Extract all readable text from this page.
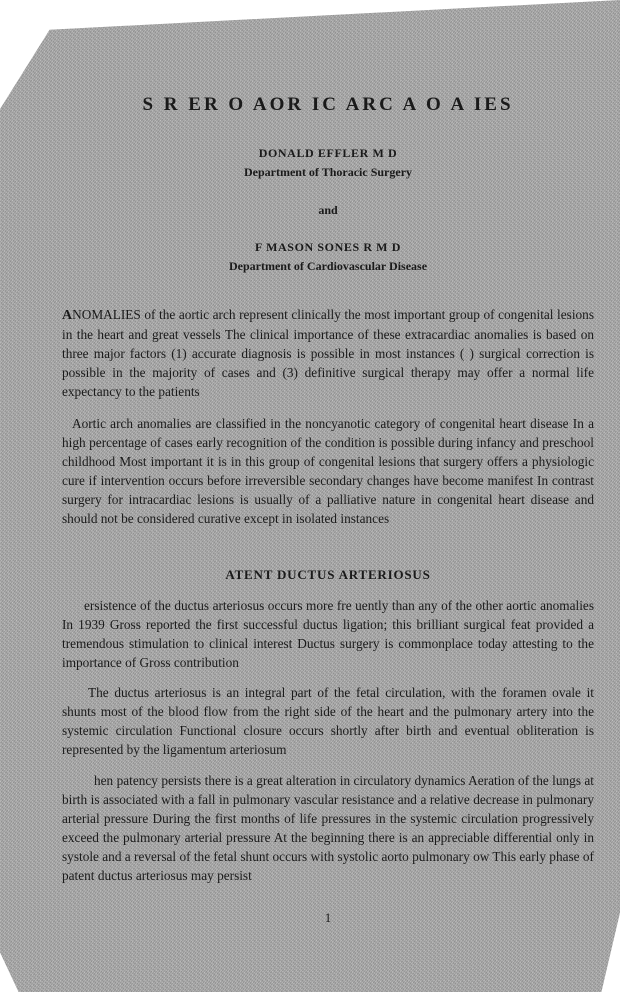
S R ER O AOR IC ARC A O A IES
DONALD EFFLER M D
Department of Thoracic Surgery
and
F MASON SONES R M D
Department of Cardiovascular Disease

ANOMALIES of the aortic arch represent clinically the most important group of congenital lesions in the heart and great vessels The clinical importance of these extracardiac anomalies is based on three major factors (1) accurate diagnosis is possible in most instances ( ) surgical correction is possible in the majority of cases and (3) definitive surgical therapy may offer a normal life expectancy to the patients

Aortic arch anomalies are classified in the noncyanotic category of congenital heart disease In a high percentage of cases early recognition of the condition is possible during infancy and preschool childhood Most important it is in this group of congenital lesions that surgery offers a physiologic cure if intervention occurs before irreversible secondary changes have become manifest In contrast surgery for intracardiac lesions is usually of a palliative nature in congenital heart disease and should not be considered curative except in isolated instances

ATENT DUCTUS ARTERIOSUS

ersistence of the ductus arteriosus occurs more fre uently than any of the other aortic anomalies In 1939 Gross reported the first successful ductus ligation; this brilliant surgical feat provided a tremendous stimulation to clinical interest Ductus surgery is commonplace today attesting to the importance of Gross contribution

The ductus arteriosus is an integral part of the fetal circulation, with the foramen ovale it shunts most of the blood flow from the right side of the heart and the pulmonary artery into the systemic circulation Functional closure occurs shortly after birth and eventual obliteration is represented by the ligamentum arteriosum

hen patency persists there is a great alteration in circulatory dynamics Aeration of the lungs at birth is associated with a fall in pulmonary vascular resistance and a relative decrease in pulmonary arterial pressure During the first months of life pressures in the systemic circulation progressively exceed the pulmonary arterial pressure At the beginning there is an appreciable differential only in systole and a reversal of the fetal shunt occurs with systolic aorto pulmonary ow This early phase of patent ductus arteriosus may persist

1
